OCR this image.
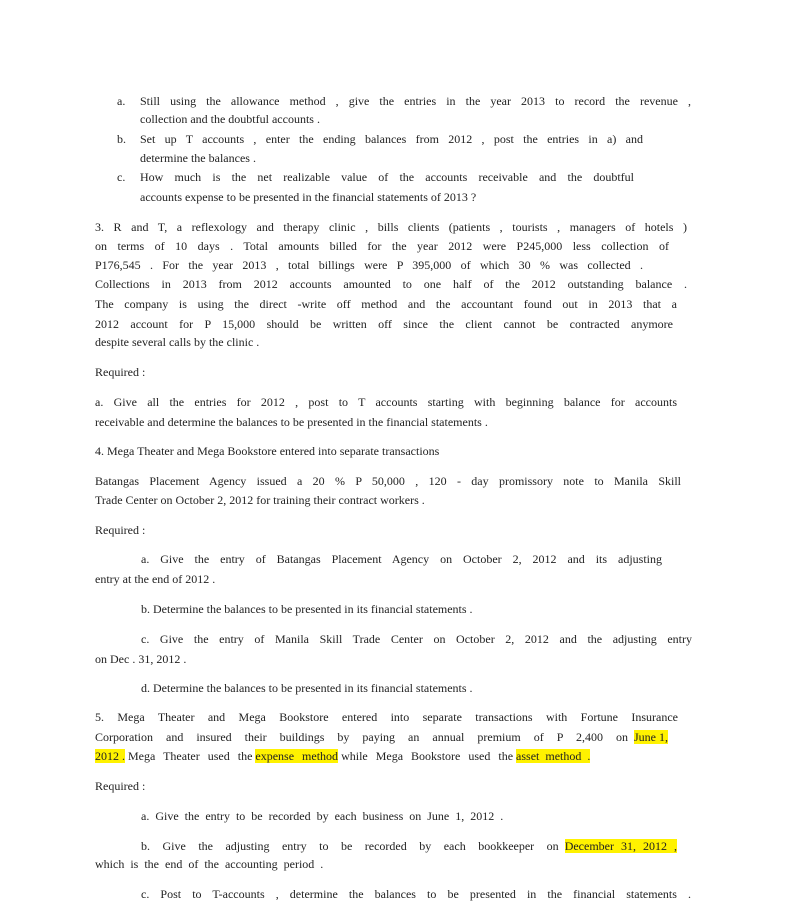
a. Still using the allowance method , give the entries in the year 2013 to record the revenue ,
collection and the doubtful accounts .
b. Set up T accounts , enter the ending balances from 2012 , post the entries in a) and
determine the balances .
c. How much is the net realizable value of the accounts receivable and the doubtful
accounts expense to be presented in the financial statements of 2013 ?
3. R and T, a reflexology and therapy clinic , bills clients (patients , tourists , managers of hotels )
on terms of 10 days . Total amounts billed for the year 2012 were P245,000 less collection of
P176,545 . For the year 2013 , total billings were P 395,000 of which 30 % was collected .
Collections in 2013 from 2012 accounts amounted to one half of the 2012 outstanding balance .
The company is using the direct -write off method and the accountant found out in 2013 that a
2012 account for P 15,000 should be written off since the client cannot be contracted anymore
despite several calls by the clinic .
Required :
a. Give all the entries for 2012 , post to T accounts starting with beginning balance for accounts
receivable and determine the balances to be presented in the financial statements .
4. Mega Theater and Mega Bookstore entered into separate transactions
Batangas Placement Agency issued a 20 % P 50,000 , 120 - day promissory note to Manila Skill
Trade Center on October 2, 2012 for training their contract workers .
Required :
a. Give the entry of Batangas Placement Agency on October 2, 2012 and its adjusting
entry at the end of 2012 .
b. Determine the balances to be presented in its financial statements .
c. Give the entry of Manila Skill Trade Center on October 2, 2012 and the adjusting entry
on Dec . 31, 2012 .
d. Determine the balances to be presented in its financial statements .
5. Mega Theater and Mega Bookstore entered into separate transactions with Fortune Insurance
Corporation and insured their buildings by paying an annual premium of P 2,400 on June 1,
2012 . Mega Theater used the expense method while Mega Bookstore used the asset method .
Required :
a. Give the entry to be recorded by each business on June 1, 2012 .
b. Give the adjusting entry to be recorded by each bookkeeper on December 31, 2012 ,
which is the end of the accounting period .
c. Post to T-accounts , determine the balances to be presented in the financial statements .
